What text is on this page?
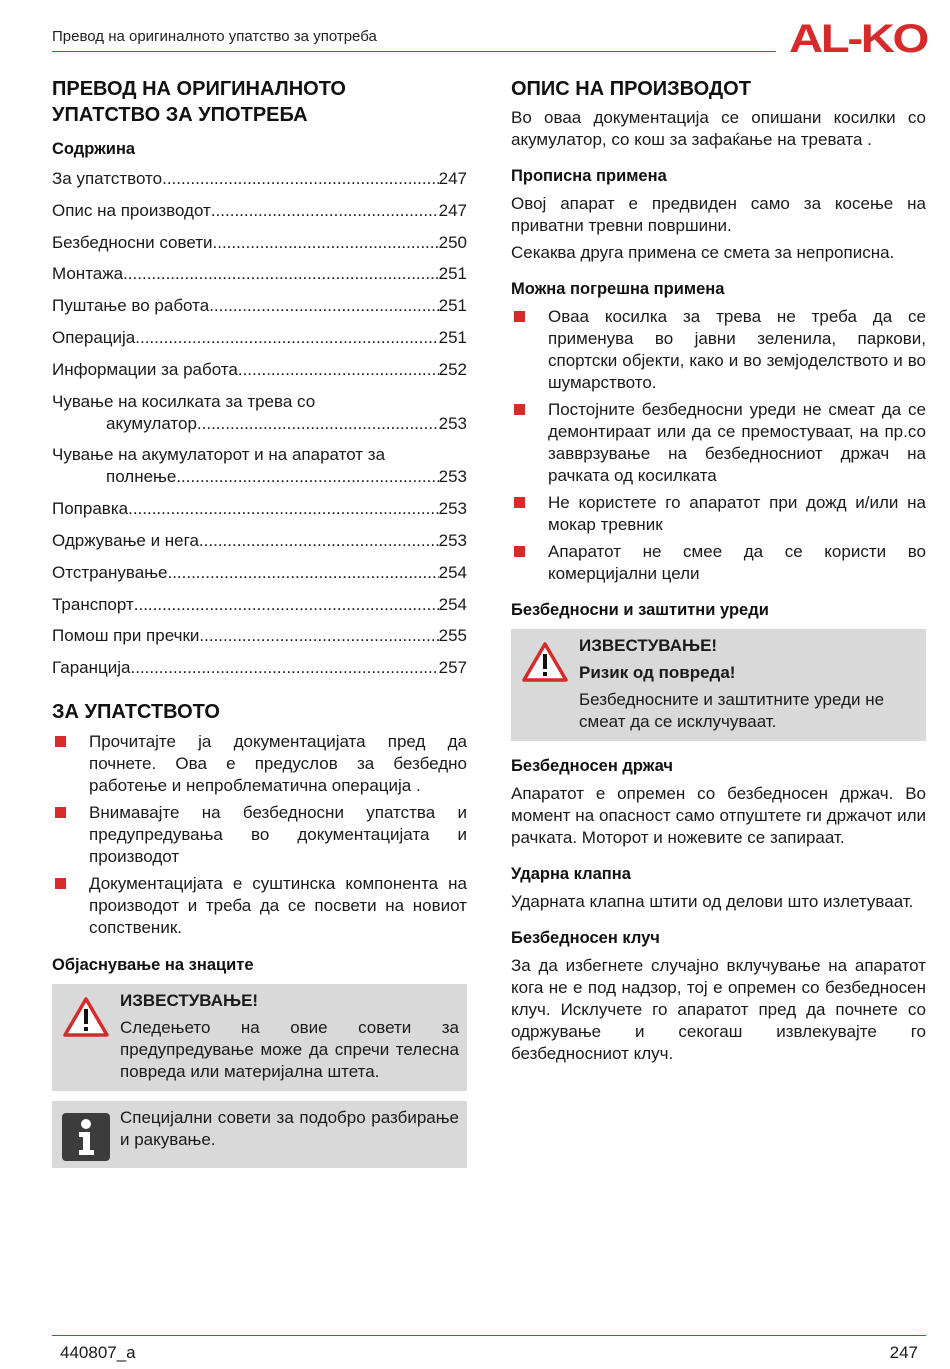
Превод на оригиналното упатство за употреба	AL-KO
ПРЕВОД НА ОРИГИНАЛНОТО
УПАТСТВО ЗА УПОТРЕБА
Содржина
За упатството .....	247
Опис на производот .....	247
Безбедносни совети .....	250
Монтажа .....	251
Пуштање во работа .....	251
Операција .....	251
Информации за работа .....	252
Чување на косилката за трева со
акумулатор .....	253
Чување на акумулаторот и на апаратот за
полнење .....	253
Поправка .....	253
Одржување и нега .....	253
Отстранување .....	254
Транспорт .....	254
Помош при пречки .....	255
Гаранција .....	257
ЗА УПАТСТВОТО
Прочитајте ја документацијата пред да почнете. Ова е предуслов за безбедно работење и непроблематична операција .
Внимавајте на безбедносни упатства и предупредувања во документацијата и производот
Документацијата е суштинска компонента на производот и треба да се посвети на новиот сопственик.
Објаснување на знаците
ИЗВЕСТУВАЊЕ!
Следењето на овие совети за предупредување може да спречи телесна повреда или материјална штета.
Специјални совети за подобро разбирање и ракување.
ОПИС НА ПРОИЗВОДОТ

Во оваа документација се опишани косилки со акумулатор, со кош за зафаќање на тревата .

Прописна примена

Овој апарат е предвиден само за косење на приватни тревни површини.

Секаква друга примена се смета за непрописна.

Можна погрешна примена
Оваа косилка за трева не треба да се применува во јавни зеленила, паркови, спортски објекти, како и во земјоделството и во шумарството.
Постојните безбедносни уреди не смеат да се демонтираат или да се премостуваат, на пр.со завврзување на безбедносниот држач на рачката од косилката
Не користете го апаратот при дожд и/или на мокар тревник
Апаратот не смее да се користи во комерцијални цели
Безбедносни и заштитни уреди
ИЗВЕСТУВАЊЕ!
Ризик од повреда!
Безбедносните и заштитните уреди не смеат да се исклучуваат.
Безбедносен држач

Апаратот е опремен со безбедносен држач. Во момент на опасност само отпуштете ги држачот или рачката. Моторот и ножевите се запираат.

Ударна клапна

Ударната клапна штити од делови што излетуваат.

Безбедносен клуч

За да избегнете случајно вклучување на апаратот кога не е под надзор, тој е опремен со безбедносен клуч. Исклучете го апаратот пред да почнете со одржување и секогаш извлекувајте го безбедносниот клуч.

440807_a	247
